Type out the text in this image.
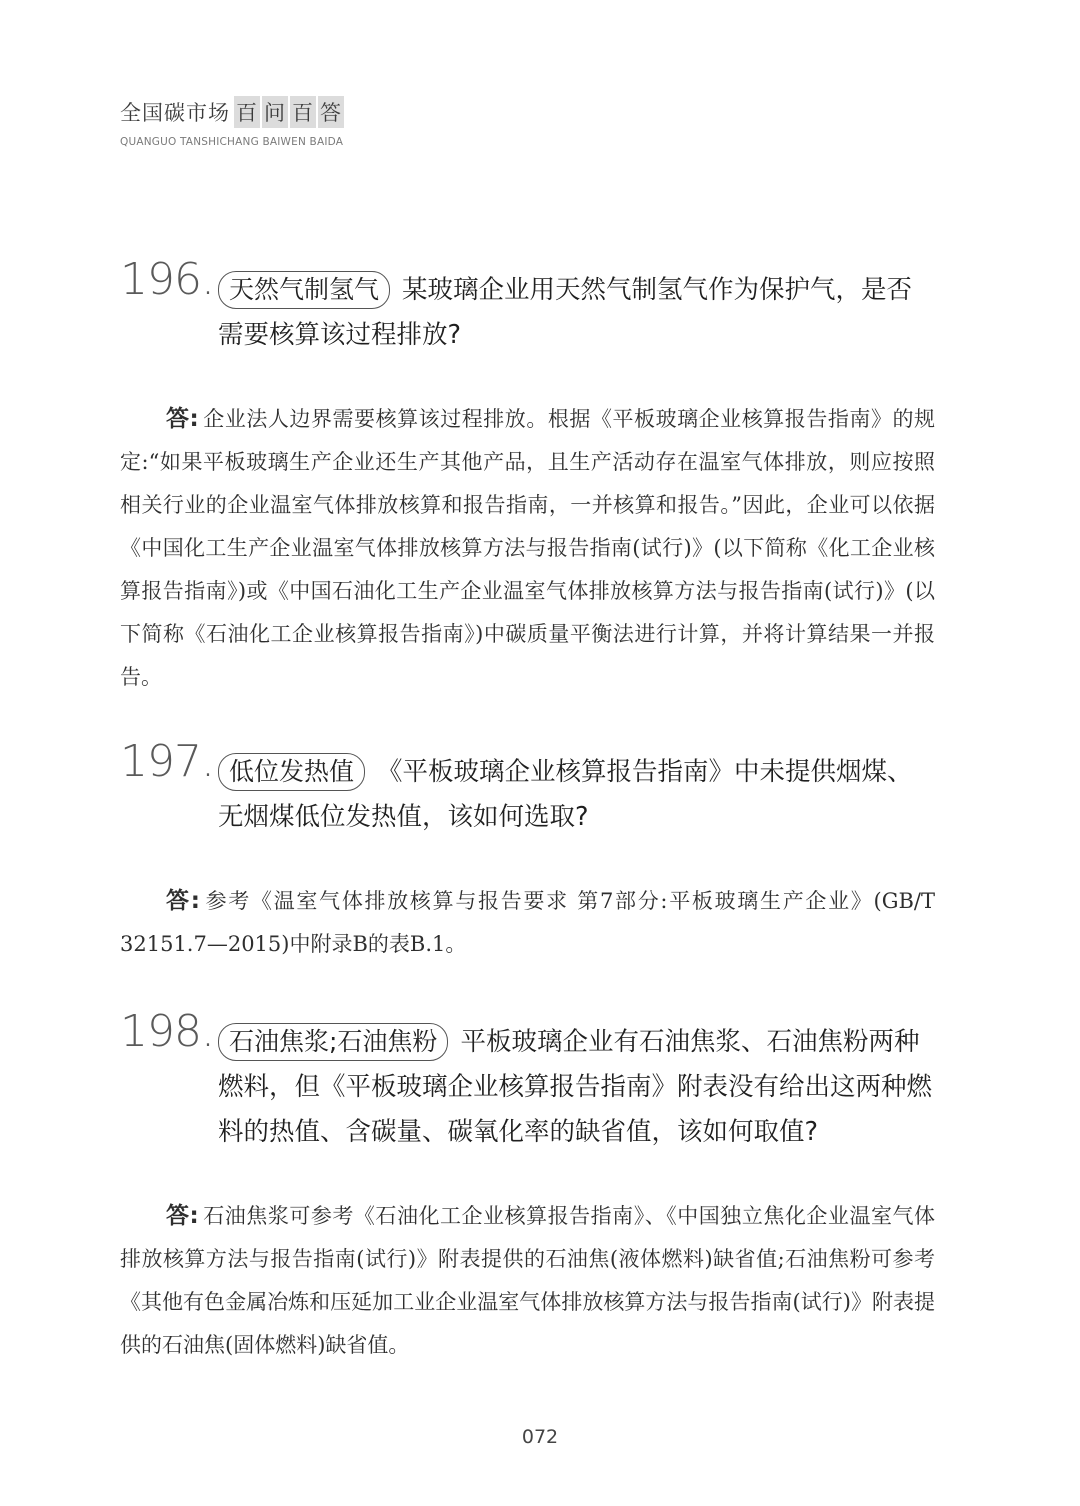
全国碳市场 百 问 百 答
QUANGUO TANSHICHANG BAIWEN BAIDA
196. 天然气制氢气 某玻璃企业用天然气制氢气作为保护气，是否需要核算该过程排放?
答: 企业法人边界需要核算该过程排放。根据《平板玻璃企业核算报告指南》的规定:“如果平板玻璃生产企业还生产其他产品，且生产活动存在温室气体排放，则应按照相关行业的企业温室气体排放核算和报告指南，一并核算和报告。”因此，企业可以依据《中国化工生产企业温室气体排放核算方法与报告指南(试行)》(以下简称《化工企业核算报告指南》)或《中国石油化工生产企业温室气体排放核算方法与报告指南(试行)》(以下简称《石油化工企业核算报告指南》)中碳质量平衡法进行计算，并将计算结果一并报告。
197. 低位发热值 《平板玻璃企业核算报告指南》中未提供烟煤、无烟煤低位发热值，该如何选取?
答: 参考《温室气体排放核算与报告要求 第7部分:平板玻璃生产企业》(GB/T 32151.7—2015)中附录B的表B.1。
198. 石油焦浆;石油焦粉 平板玻璃企业有石油焦浆、石油焦粉两种燃料，但《平板玻璃企业核算报告指南》附表没有给出这两种燃料的热值、含碳量、碳氧化率的缺省值，该如何取值?
答: 石油焦浆可参考《石油化工企业核算报告指南》、《中国独立焦化企业温室气体排放核算方法与报告指南(试行)》附表提供的石油焦(液体燃料)缺省值;石油焦粉可参考《其他有色金属冶炼和压延加工业企业温室气体排放核算方法与报告指南(试行)》附表提供的石油焦(固体燃料)缺省值。
072
